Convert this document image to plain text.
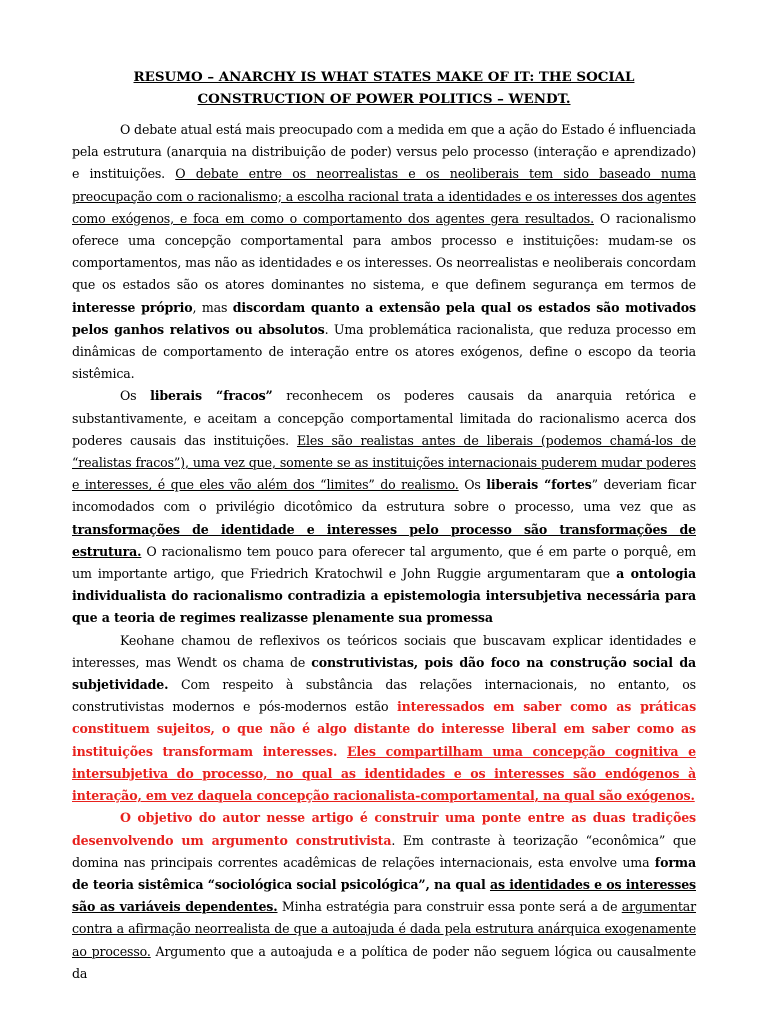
RESUMO – ANARCHY IS WHAT STATES MAKE OF IT: THE SOCIAL CONSTRUCTION OF POWER POLITICS – WENDT.

O debate atual está mais preocupado com a medida em que a ação do Estado é influenciada pela estrutura (anarquia na distribuição de poder) versus pelo processo (interação e aprendizado) e instituições. O debate entre os neorrealistas e os neoliberais tem sido baseado numa preocupação com o racionalismo; a escolha racional trata a identidades e os interesses dos agentes como exógenos, e foca em como o comportamento dos agentes gera resultados. O racionalismo oferece uma concepção comportamental para ambos processo e instituições: mudam-se os comportamentos, mas não as identidades e os interesses. Os neorrealistas e neoliberais concordam que os estados são os atores dominantes no sistema, e que definem segurança em termos de interesse próprio, mas discordam quanto a extensão pela qual os estados são motivados pelos ganhos relativos ou absolutos. Uma problemática racionalista, que reduza processo em dinâmicas de comportamento de interação entre os atores exógenos, define o escopo da teoria sistêmica.

Os liberais “fracos” reconhecem os poderes causais da anarquia retórica e substantivamente, e aceitam a concepção comportamental limitada do racionalismo acerca dos poderes causais das instituições. Eles são realistas antes de liberais (podemos chamá-los de “realistas fracos”), uma vez que, somente se as instituições internacionais puderem mudar poderes e interesses, é que eles vão além dos “limites” do realismo. Os liberais “fortes” deveriam ficar incomodados com o privilégio dicotômico da estrutura sobre o processo, uma vez que as transformações de identidade e interesses pelo processo são transformações de estrutura. O racionalismo tem pouco para oferecer tal argumento, que é em parte o porquê, em um importante artigo, que Friedrich Kratochwil e John Ruggie argumentaram que a ontologia individualista do racionalismo contradizia a epistemologia intersubjetiva necessária para que a teoria de regimes realizasse plenamente sua promessa

Keohane chamou de reflexivos os teóricos sociais que buscavam explicar identidades e interesses, mas Wendt os chama de construtivistas, pois dão foco na construção social da subjetividade. Com respeito à substância das relações internacionais, no entanto, os construtivistas modernos e pós-modernos estão interessados em saber como as práticas constituem sujeitos, o que não é algo distante do interesse liberal em saber como as instituições transformam interesses. Eles compartilham uma concepção cognitiva e intersubjetiva do processo, no qual as identidades e os interesses são endógenos à interação, em vez daquela concepção racionalista-comportamental, na qual são exógenos.

O objetivo do autor nesse artigo é construir uma ponte entre as duas tradições desenvolvendo um argumento construtivista. Em contraste à teorização “econômica” que domina nas principais correntes acadêmicas de relações internacionais, esta envolve uma forma de teoria sistêmica “sociológica social psicológica”, na qual as identidades e os interesses são as variáveis dependentes. Minha estratégia para construir essa ponte será a de argumentar contra a afirmação neorrealista de que a autoajuda é dada pela estrutura anárquica exogenamente ao processo. Argumento que a autoajuda e a política de poder não seguem lógica ou causalmente da
